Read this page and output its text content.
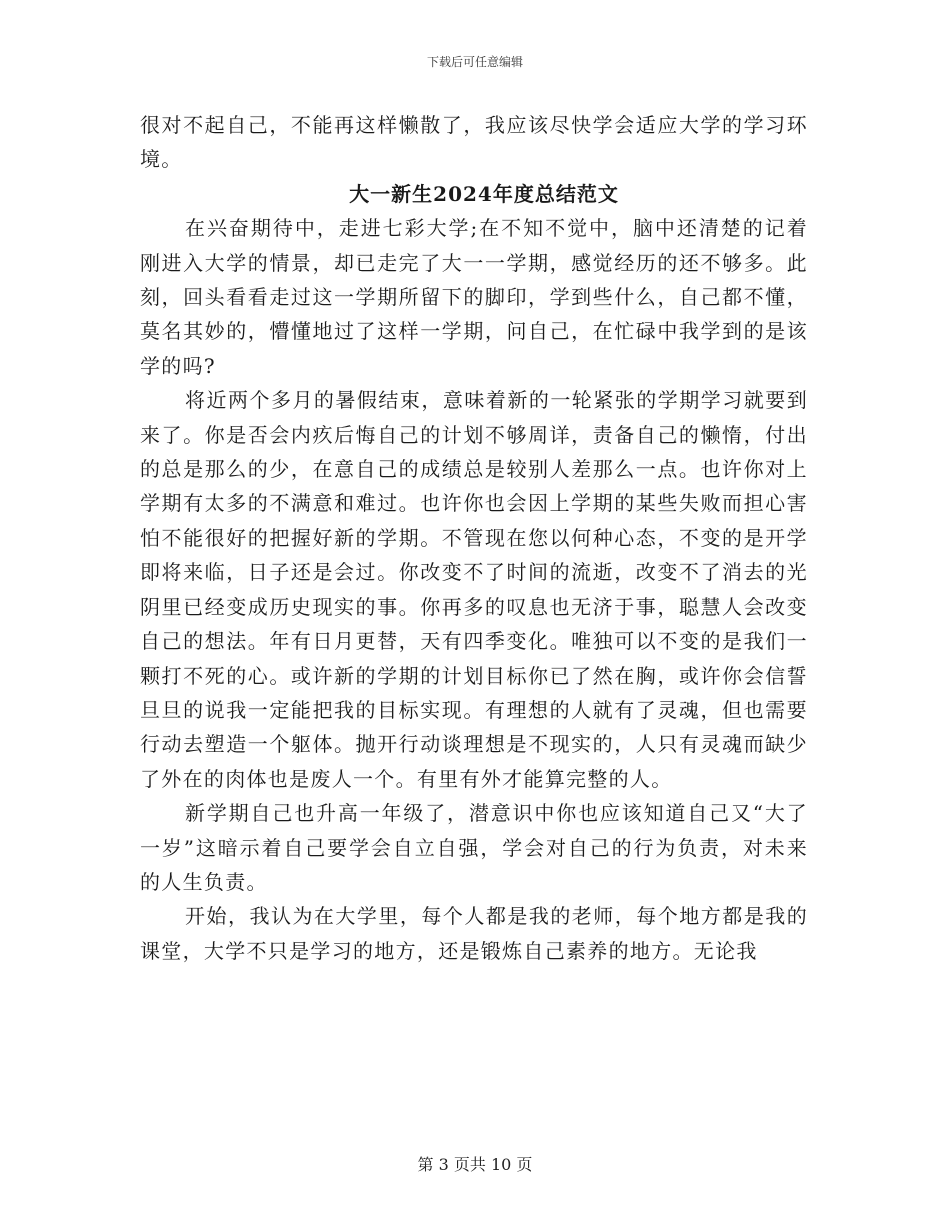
下载后可任意编辑

很对不起自己，不能再这样懒散了，我应该尽快学会适应大学的学习环境。

大一新生2024年度总结范文

在兴奋期待中，走进七彩大学;在不知不觉中，脑中还清楚的记着刚进入大学的情景，却已走完了大一一学期，感觉经历的还不够多。此刻，回头看看走过这一学期所留下的脚印，学到些什么，自己都不懂，莫名其妙的，懵懂地过了这样一学期，问自己，在忙碌中我学到的是该学的吗?

将近两个多月的暑假结束，意味着新的一轮紧张的学期学习就要到来了。你是否会内疚后悔自己的计划不够周详，责备自己的懒惰，付出的总是那么的少，在意自己的成绩总是较别人差那么一点。也许你对上学期有太多的不满意和难过。也许你也会因上学期的某些失败而担心害怕不能很好的把握好新的学期。不管现在您以何种心态，不变的是开学即将来临，日子还是会过。你改变不了时间的流逝，改变不了消去的光阴里已经变成历史现实的事。你再多的叹息也无济于事，聪慧人会改变自己的想法。年有日月更替，天有四季变化。唯独可以不变的是我们一颗打不死的心。或许新的学期的计划目标你已了然在胸，或许你会信誓旦旦的说我一定能把我的目标实现。有理想的人就有了灵魂，但也需要行动去塑造一个躯体。抛开行动谈理想是不现实的，人只有灵魂而缺少了外在的肉体也是废人一个。有里有外才能算完整的人。

新学期自己也升高一年级了，潜意识中你也应该知道自己又“大了一岁”这暗示着自己要学会自立自强，学会对自己的行为负责，对未来的人生负责。

开始，我认为在大学里，每个人都是我的老师，每个地方都是我的课堂，大学不只是学习的地方，还是锻炼自己素养的地方。无论我

第 3 页共 10 页
